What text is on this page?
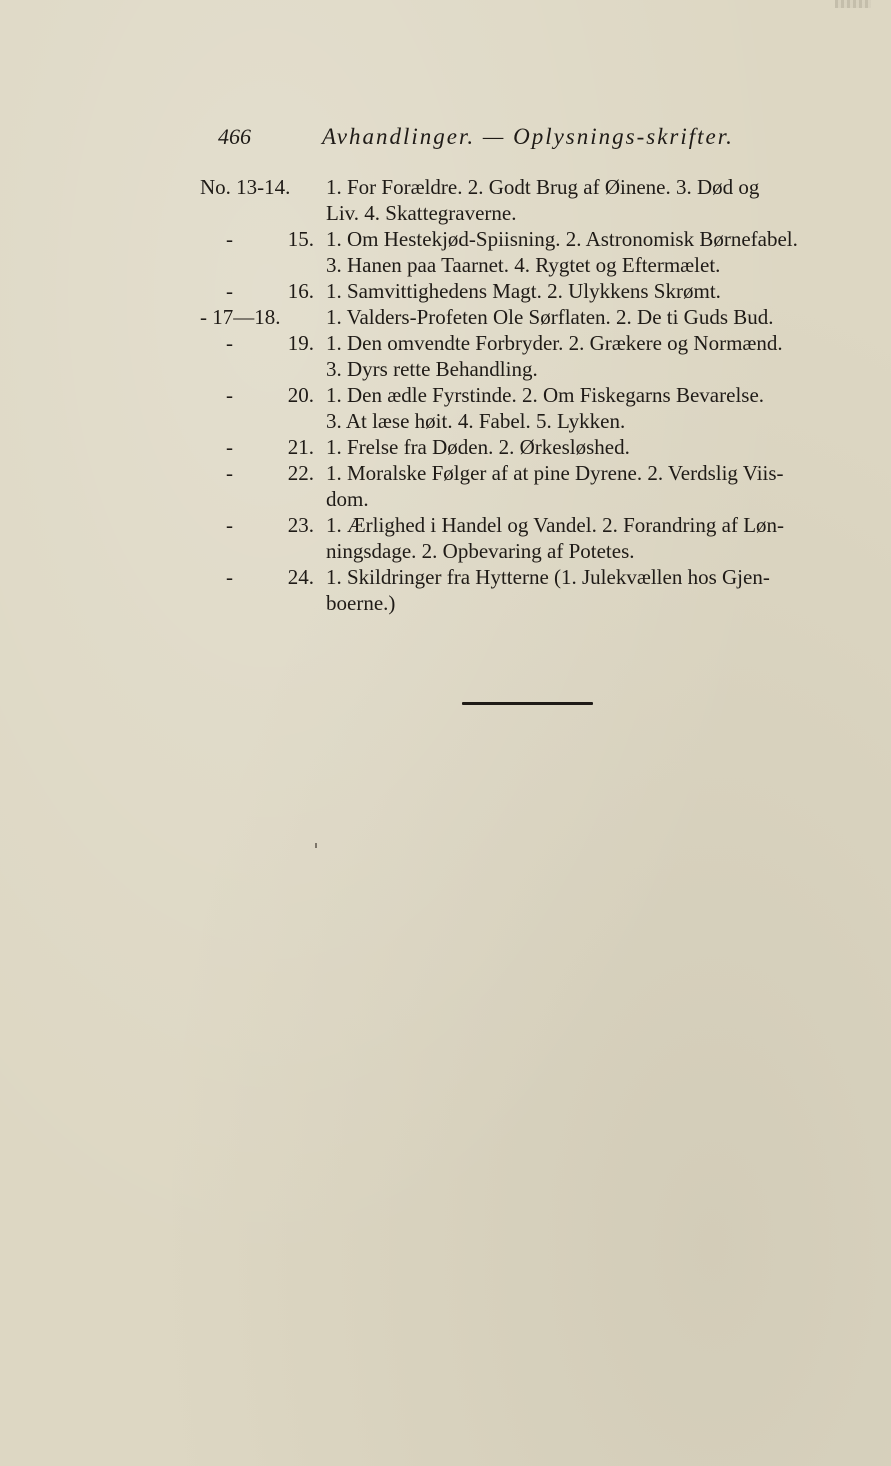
466	Avhandlinger. — Oplysnings-skrifter.
No. 13-14. 1. For Forældre. 2. Godt Brug af Øinene. 3. Død og
Liv. 4. Skattegraverne.
-	15. 1. Om Hestekjød-Spiisning. 2. Astronomisk Børnefabel.
3. Hanen paa Taarnet. 4. Rygtet og Eftermælet.
-	16. 1. Samvittighedens Magt. 2. Ulykkens Skrømt.
- 17—18. 1. Valders-Profeten Ole Sørflaten. 2. De ti Guds Bud.
-	19. 1. Den omvendte Forbryder. 2. Grækere og Normænd.
3. Dyrs rette Behandling.
-	20. 1. Den ædle Fyrstinde. 2. Om Fiskegarns Bevarelse.
3. At læse høit. 4. Fabel. 5. Lykken.
-	21. 1. Frelse fra Døden. 2. Ørkesløshed.
-	22. 1. Moralske Følger af at pine Dyrene. 2. Verdslig Viis-
dom.
-	23. 1. Ærlighed i Handel og Vandel. 2. Forandring af Løn-
ningsdage. 2. Opbevaring af Potetes.
-	24. 1. Skildringer fra Hytterne (1. Julekvællen hos Gjen-
boerne.)
